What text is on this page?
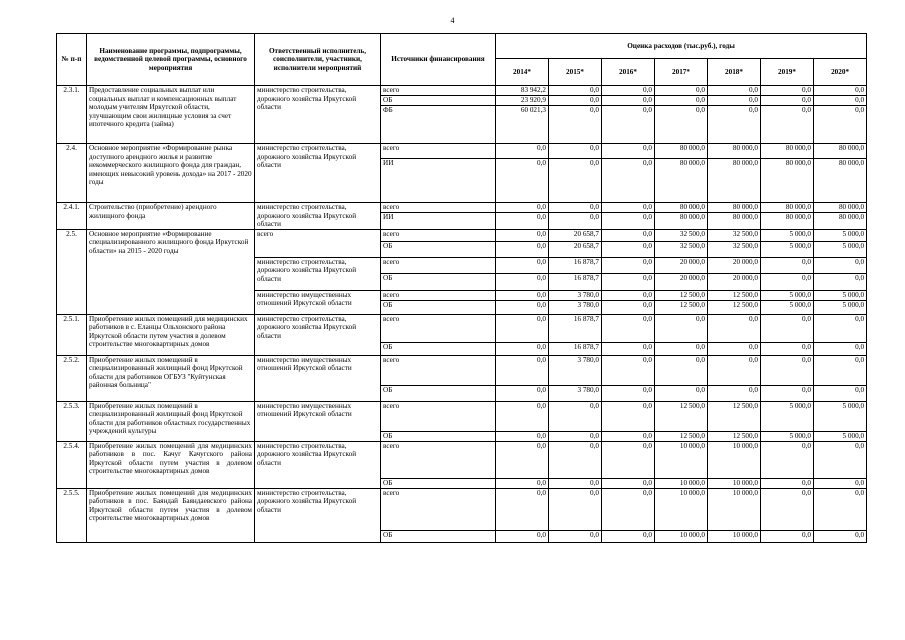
4
№ п-п	Наименование программы, подпрограммы, ведомственной целевой программы, основного мероприятия	Ответственный исполнитель, соисполнители, участники, исполнители мероприятий	Источники финансирования	Оценка расходов (тыс.руб.), годы						
				2014*	2015*	2016*	2017*	2018*	2019*	2020*
2.3.1.	Предоставление социальных выплат или социальных выплат и компенсационных выплат молодым учителям Иркутской области, улучшающим свои жилищные условия за счет ипотечного кредита (займа)	министерство строительства, дорожного хозяйства Иркутской области	всего	83 942,2	0,0	0,0	0,0	0,0	0,0	0,0
			ОБ	23 920,9	0,0	0,0	0,0	0,0	0,0	0,0
			ФБ	60 021,3	0,0	0,0	0,0	0,0	0,0	0,0
2.4.	Основное мероприятие «Формирование рынка доступного арендного жилья и развитие некоммерческого жилищного фонда для граждан, имеющих невысокий уровень дохода» на 2017 - 2020 годы	министерство строительства, дорожного хозяйства Иркутской области	всего	0,0	0,0	0,0	80 000,0	80 000,0	80 000,0	80 000,0
			ИИ	0,0	0,0	0,0	80 000,0	80 000,0	80 000,0	80 000,0
2.4.1.	Строительство (приобретение) арендного жилищного фонда	министерство строительства, дорожного хозяйства Иркутской области	всего	0,0	0,0	0,0	80 000,0	80 000,0	80 000,0	80 000,0
			ИИ	0,0	0,0	0,0	80 000,0	80 000,0	80 000,0	80 000,0
2.5.	Основное мероприятие «Формирование специализированного жилищного фонда Иркутской области» на 2015 - 2020 годы	всего	всего	0,0	20 658,7	0,0	32 500,0	32 500,0	5 000,0	5 000,0
			ОБ	0,0	20 658,7	0,0	32 500,0	32 500,0	5 000,0	5 000,0
		министерство строительства, дорожного хозяйства Иркутской области	всего	0,0	16 878,7	0,0	20 000,0	20 000,0	0,0	0,0
			ОБ	0,0	16 878,7	0,0	20 000,0	20 000,0	0,0	0,0
		министерство имущественных отношений Иркутской области	всего	0,0	3 780,0	0,0	12 500,0	12 500,0	5 000,0	5 000,0
			ОБ	0,0	3 780,0	0,0	12 500,0	12 500,0	5 000,0	5 000,0
2.5.1.	Приобретение жилых помещений для медицинских работников в с. Еланцы Ольхонского района Иркутской области путем участия в долевом строительстве многоквартирных домов	министерство строительства, дорожного хозяйства Иркутской области	всего	0,0	16 878,7	0,0	0,0	0,0	0,0	0,0
			ОБ	0,0	16 878,7	0,0	0,0	0,0	0,0	0,0
2.5.2.	Приобретение жилых помещений в специализированный жилищный фонд Иркутской области для работников ОГБУЗ "Куйтунская районная больница"	министерство имущественных отношений Иркутской области	всего	0,0	3 780,0	0,0	0,0	0,0	0,0	0,0
			ОБ	0,0	3 780,0	0,0	0,0	0,0	0,0	0,0
2.5.3.	Приобретение жилых помещений в специализированный жилищный фонд Иркутской области для работников областных государственных учреждений культуры	министерство имущественных отношений Иркутской области	всего	0,0	0,0	0,0	12 500,0	12 500,0	5 000,0	5 000,0
			ОБ	0,0	0,0	0,0	12 500,0	12 500,0	5 000,0	5 000,0
2.5.4.	Приобретение жилых помещений для медицинских работников в пос. Качуг Качугского района Иркутской области путем участия в долевом строительстве многоквартирных домов	министерство строительства, дорожного хозяйства Иркутской области	всего	0,0	0,0	0,0	10 000,0	10 000,0	0,0	0,0
			ОБ	0,0	0,0	0,0	10 000,0	10 000,0	0,0	0,0
2.5.5.	Приобретение жилых помещений для медицинских работников в пос. Баяндай Баяндаевского района Иркутской области путем участия в долевом строительстве многоквартирных домов	министерство строительства, дорожного хозяйства Иркутской области	всего	0,0	0,0	0,0	10 000,0	10 000,0	0,0	0,0
			ОБ	0,0	0,0	0,0	10 000,0	10 000,0	0,0	0,0
